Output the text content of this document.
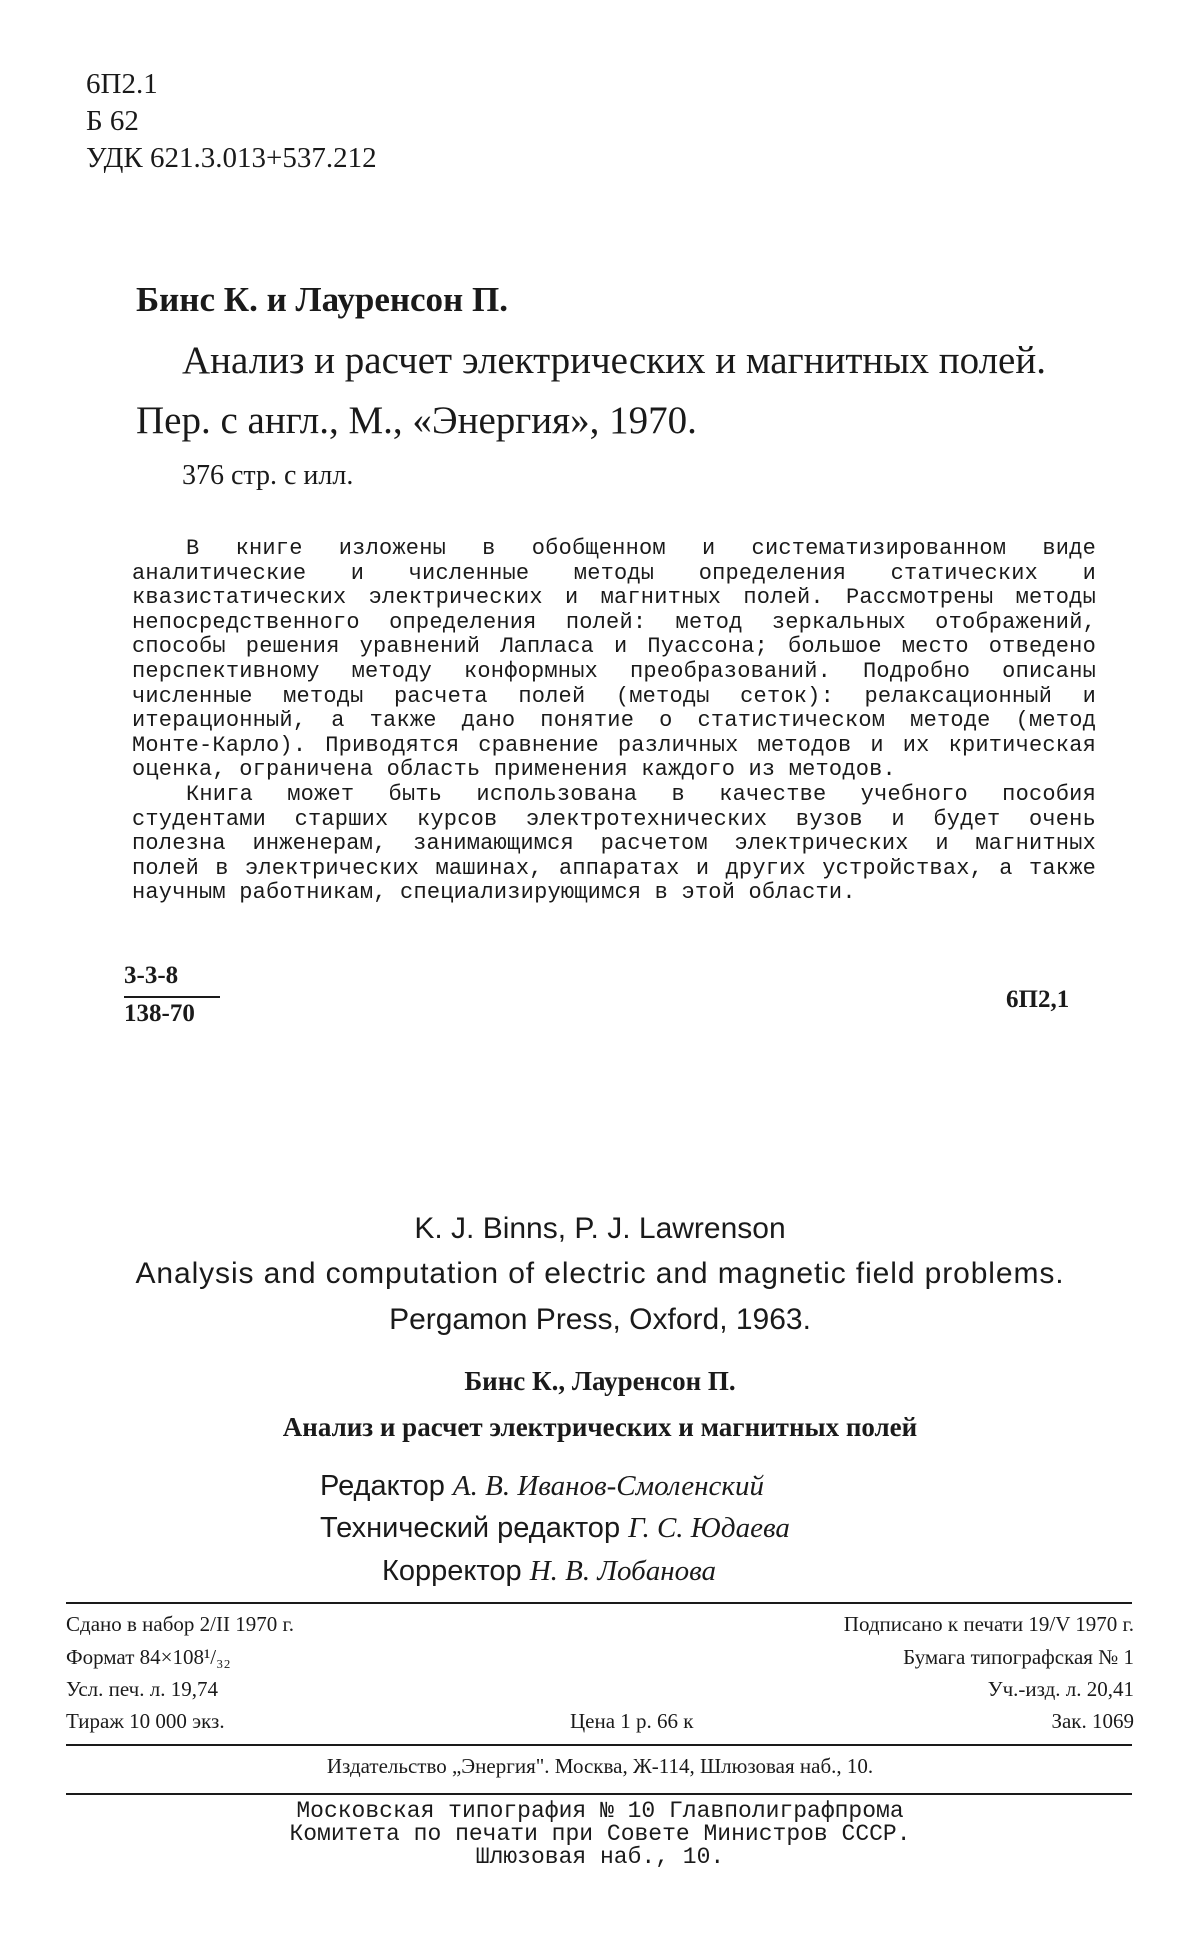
6П2.1
Б 62
УДК 621.3.013+537.212
Бинс К. и Лауренсон П.
Анализ и расчет электрических и магнитных полей.
Пер. с англ., М., «Энергия», 1970.
376 стр. с илл.

В книге изложены в обобщенном и систематизированном виде аналитические и численные методы определения статических и квазистатических электрических и магнитных полей. Рассмотрены методы непосредственного определения полей: метод зеркальных отображений, способы решения уравнений Лапласа и Пуассона; большое место отведено перспективному методу конформных преобразований. Подробно описаны численные методы расчета полей (методы сеток): релаксационный и итерационный, а также дано понятие о статистическом методе (метод Монте-Карло). Приводятся сравнение различных методов и их критическая оценка, ограничена область применения каждого из методов.

Книга может быть использована в качестве учебного пособия студентами старших курсов электротехнических вузов и будет очень полезна инженерам, занимающимся расчетом электрических и магнитных полей в электрических машинах, аппаратах и других устройствах, а также научным работникам, специализирующимся в этой области.

3-3-8
138-70
6П2,1
K. J. Binns, P. J. Lawrenson
Analysis and computation of electric and magnetic field problems.
Pergamon Press, Oxford, 1963.
Бинс К., Лауренсон П.
Анализ и расчет электрических и магнитных полей
Редактор А. В. Иванов-Смоленский
Технический редактор Г. С. Юдаева
Корректор Н. В. Лобанова
Сдано в набор 2/II 1970 г.	Подписано к печати 19/V 1970 г.
Формат 84×108¹/₃₂	Бумага типографская № 1
Усл. печ. л. 19,74	Уч.-изд. л. 20,41
Тираж 10 000 экз.	Цена 1 р. 66 к	Зак. 1069
Издательство „Энергия". Москва, Ж-114, Шлюзовая наб., 10.
Московская типография № 10 Главполиграфпрома
Комитета по печати при Совете Министров СССР.
Шлюзовая наб., 10.
